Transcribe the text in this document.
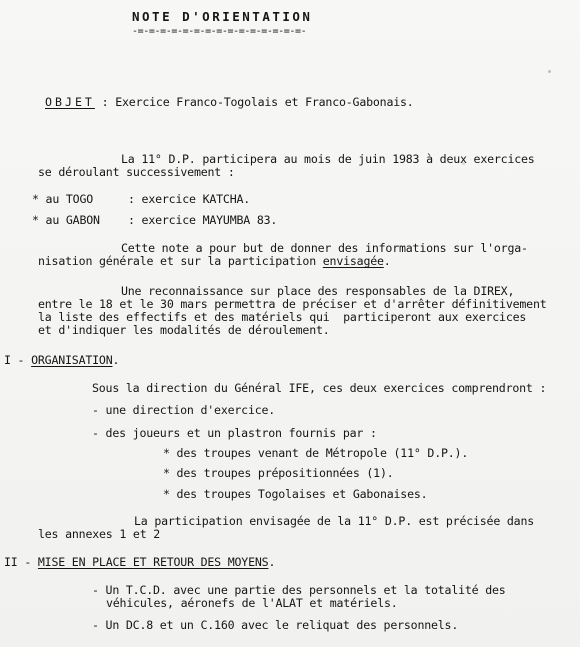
NOTE D'ORIENTATION
-=-=-=-=-=-=-=-=-=-=-=-=-=-=-=-
OBJET : Exercice Franco-Togolais et Franco-Gabonais.
La 11° D.P. participera au mois de juin 1983 à deux exercices
se déroulant successivement :
* au TOGO	: exercice KATCHA.
* au GABON : exercice MAYUMBA 83.
Cette note a pour but de donner des informations sur l'orga-
nisation générale et sur la participation envisagée.
Une reconnaissance sur place des responsables de la DIREX,
entre le 18 et le 30 mars permettra de préciser et d'arrêter définitivement
la liste des effectifs et des matériels qui  participeront aux exercices
et d'indiquer les modalités de déroulement.
I - ORGANISATION.
Sous la direction du Général IFE, ces deux exercices comprendront :
- une direction d'exercice.
- des joueurs et un plastron fournis par :
* des troupes venant de Métropole (11° D.P.).
* des troupes prépositionnées (1).
* des troupes Togolaises et Gabonaises.
La participation envisagée de la 11° D.P. est précisée dans
les annexes 1 et 2
II - MISE EN PLACE ET RETOUR DES MOYENS.
- Un T.C.D. avec une partie des personnels et la totalité des
véhicules, aéronefs de l'ALAT et matériels.
- Un DC.8 et un C.160 avec le reliquat des personnels.
